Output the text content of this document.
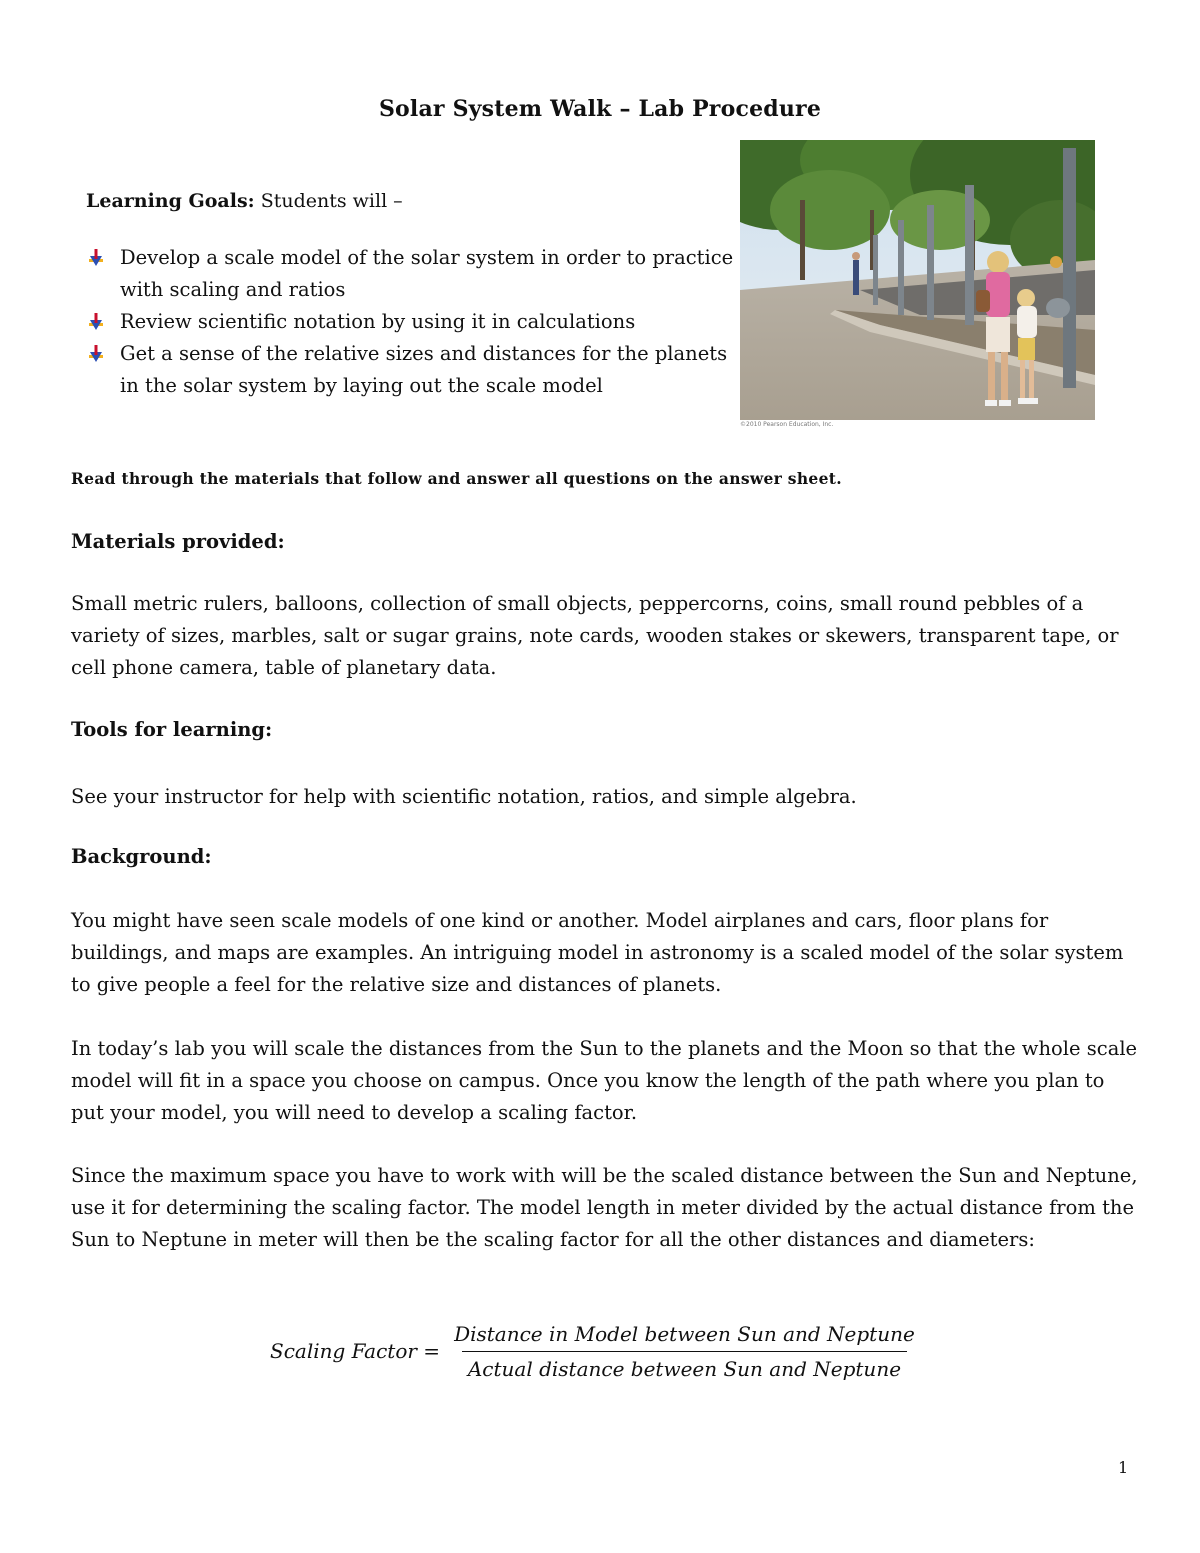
Solar System Walk – Lab Procedure
Learning Goals: Students will –
Develop a scale model of the solar system in order to practice with scaling and ratios
Review scientific notation by using it in calculations
Get a sense of the relative sizes and distances for the planets in the solar system by laying out the scale model
©2010 Pearson Education, Inc.
Read through the materials that follow and answer all questions on the answer sheet.
Materials provided:

Small metric rulers, balloons, collection of small objects, peppercorns, coins, small round pebbles of a variety of sizes, marbles, salt or sugar grains, note cards, wooden stakes or skewers, transparent tape, or cell phone camera, table of planetary data.

Tools for learning:

See your instructor for help with scientific notation, ratios, and simple algebra.

Background:

You might have seen scale models of one kind or another. Model airplanes and cars, floor plans for buildings, and maps are examples. An intriguing model in astronomy is a scaled model of the solar system to give people a feel for the relative size and distances of planets.

In today’s lab you will scale the distances from the Sun to the planets and the Moon so that the whole scale model will fit in a space you choose on campus. Once you know the length of the path where you plan to put your model, you will need to develop a scaling factor.

Since the maximum space you have to work with will be the scaled distance between the Sun and Neptune, use it for determining the scaling factor. The model length in meter divided by the actual distance from the Sun to Neptune in meter will then be the scaling factor for all the other distances and diameters:

Scaling Factor = $\frac{\text{Distance in Model between Sun and Neptune}}{\text{Actual distance between Sun and Neptune}}$
1
